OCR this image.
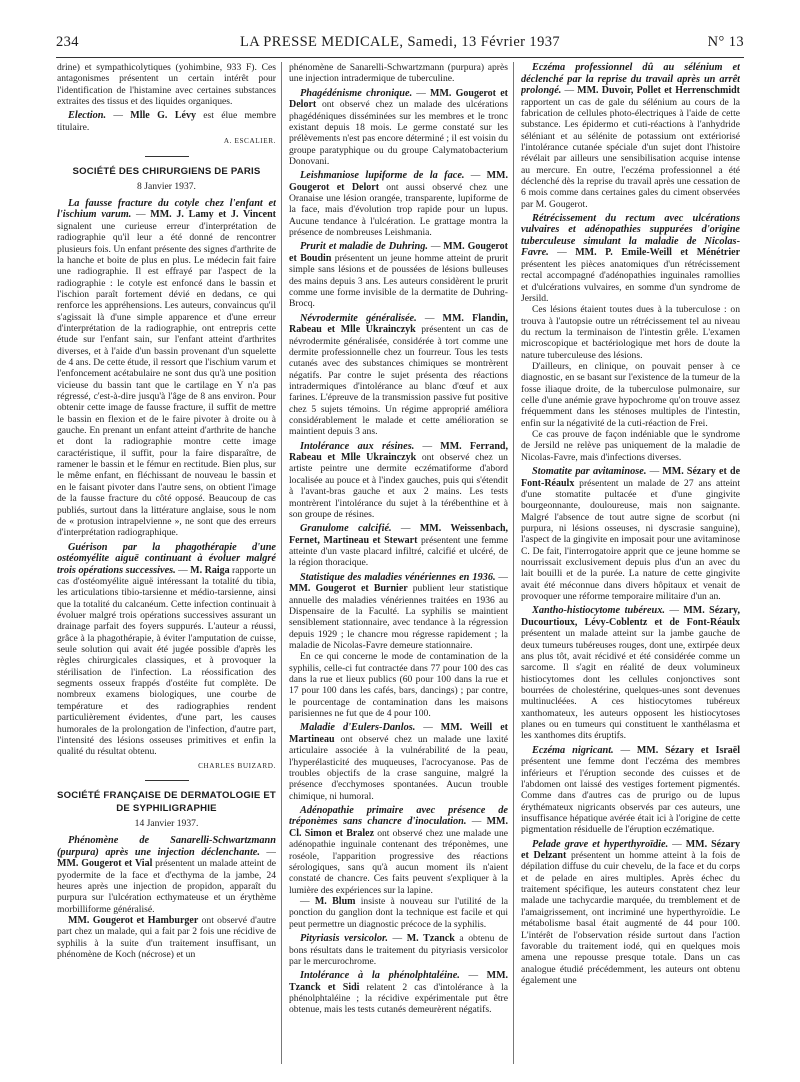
234	LA PRESSE MEDICALE, Samedi, 13 Février 1937	N° 13

drine) et sympathicolytiques (yohimbine, 933 F). Ces antagonismes présentent un certain intérêt pour l'identification de l'histamine avec certaines substances extraites des tissus et des liquides organiques.

Election. — Mlle G. Lévy est élue membre titulaire.

A. ESCALIER.

SOCIÉTÉ DES CHIRURGIENS DE PARIS

8 Janvier 1937.

La fausse fracture du cotyle chez l'enfant et l'ischium varum. — MM. J. Lamy et J. Vincent signalent une curieuse erreur d'interprétation de radiographie qu'il leur a été donné de rencontrer plusieurs fois. Un enfant présente des signes d'arthrite de la hanche et boite de plus en plus. Le médecin fait faire une radiographie. Il est effrayé par l'aspect de la radiographie : le cotyle est enfoncé dans le bassin et l'ischion paraît fortement dévié en dedans, ce qui renforce les appréhensions. Les auteurs, convaincus qu'il s'agissait là d'une simple apparence et d'une erreur d'interprétation de la radiographie, ont entrepris cette étude sur l'enfant sain, sur l'enfant atteint d'arthrites diverses, et à l'aide d'un bassin provenant d'un squelette de 4 ans. De cette étude, il ressort que l'ischium varum et l'enfoncement acétabulaire ne sont dus qu'à une position vicieuse du bassin tant que le cartilage en Y n'a pas régressé, c'est-à-dire jusqu'à l'âge de 8 ans environ. Pour obtenir cette image de fausse fracture, il suffit de mettre le bassin en flexion et de le faire pivoter à droite ou à gauche. En prenant un enfant atteint d'arthrite de hanche et dont la radiographie montre cette image caractéristique, il suffit, pour la faire disparaître, de ramener le bassin et le fémur en rectitude. Bien plus, sur le même enfant, en fléchissant de nouveau le bassin et en le faisant pivoter dans l'autre sens, on obtient l'image de la fausse fracture du côté opposé. Beaucoup de cas publiés, surtout dans la littérature anglaise, sous le nom de « protusion intrapelvienne », ne sont que des erreurs d'interprétation radiographique.

Guérison par la phagothérapie d'une ostéomyélite aiguë continuant à évoluer malgré trois opérations successives. — M. Raiga rapporte un cas d'ostéomyélite aiguë intéressant la totalité du tibia, les articulations tibio-tarsienne et médio-tarsienne, ainsi que la totalité du calcanéum. Cette infection continuait à évoluer malgré trois opérations successives assurant un drainage parfait des foyers suppurés. L'auteur a réussi, grâce à la phagothérapie, à éviter l'amputation de cuisse, seule solution qui avait été jugée possible d'après les règles chirurgicales classiques, et à provoquer la stérilisation de l'infection. La réossification des segments osseux frappés d'ostéite fut complète. De nombreux examens biologiques, une courbe de température et des radiographies rendent particulièrement évidentes, d'une part, les causes humorales de la prolongation de l'infection, d'autre part, l'intensité des lésions osseuses primitives et enfin la qualité du résultat obtenu.

CHARLES BUIZARD.

SOCIÉTÉ FRANÇAISE DE DERMATOLOGIE ET DE SYPHILIGRAPHIE

14 Janvier 1937.

Phénomène de Sanarelli-Schwartzmann (purpura) après une injection déclenchante. — MM. Gougerot et Vial présentent un malade atteint de pyodermite de la face et d'ecthyma de la jambe, 24 heures après une injection de propidon, apparaît du purpura sur l'ulcération ecthymateuse et un érythème morbilliforme généralisé.

MM. Gougerot et Hamburger ont observé d'autre part chez un malade, qui a fait par 2 fois une récidive de syphilis à la suite d'un traitement insuffisant, un phénomène de Koch (nécrose) et un

phénomène de Sanarelli-Schwartzmann (purpura) après une injection intradermique de tuberculine.

Phagédénisme chronique. — MM. Gougerot et Delort ont observé chez un malade des ulcérations phagédéniques disséminées sur les membres et le tronc existant depuis 18 mois. Le germe constaté sur les prélèvements n'est pas encore déterminé ; il est voisin du groupe paratyphique ou du groupe Calymatobacterium Donovani.

Leishmaniose lupiforme de la face. — MM. Gougerot et Delort ont aussi observé chez une Oranaise une lésion orangée, transparente, lupiforme de la face, mais d'évolution trop rapide pour un lupus. Aucune tendance à l'ulcération. Le grattage montra la présence de nombreuses Leishmania.

Prurit et maladie de Duhring. — MM. Gougerot et Boudin présentent un jeune homme atteint de prurit simple sans lésions et de poussées de lésions bulleuses des mains depuis 3 ans. Les auteurs considèrent le prurit comme une forme invisible de la dermatite de Duhring-Brocq.

Névrodermite généralisée. — MM. Flandin, Rabeau et Mlle Ukrainczyk présentent un cas de névrodermite généralisée, considérée à tort comme une dermite professionnelle chez un fourreur. Tous les tests cutanés avec des substances chimiques se montrèrent négatifs. Par contre le sujet présenta des réactions intradermiques d'intolérance au blanc d'œuf et aux farines. L'épreuve de la transmission passive fut positive chez 5 sujets témoins. Un régime approprié améliora considérablement le malade et cette amélioration se maintient depuis 3 ans.

Intolérance aux résines. — MM. Ferrand, Rabeau et Mlle Ukrainczyk ont observé chez un artiste peintre une dermite eczématiforme d'abord localisée au pouce et à l'index gauches, puis qui s'étendit à l'avant-bras gauche et aux 2 mains. Les tests montrèrent l'intolérance du sujet à la térébenthine et à son groupe de résines.

Granulome calcifié. — MM. Weissenbach, Fernet, Martineau et Stewart présentent une femme atteinte d'un vaste placard infiltré, calcifié et ulcéré, de la région thoracique.

Statistique des maladies vénériennes en 1936. — MM. Gougerot et Burnier publient leur statistique annuelle des maladies vénériennes traitées en 1936 au Dispensaire de la Faculté. La syphilis se maintient sensiblement stationnaire, avec tendance à la régression depuis 1929 ; le chancre mou régresse rapidement ; la maladie de Nicolas-Favre demeure stationnaire.

En ce qui concerne le mode de contamination de la syphilis, celle-ci fut contractée dans 77 pour 100 des cas dans la rue et lieux publics (60 pour 100 dans la rue et 17 pour 100 dans les cafés, bars, dancings) ; par contre, le pourcentage de contamination dans les maisons parisiennes ne fut que de 4 pour 100.

Maladie d'Eulers-Danlos. — MM. Weill et Martineau ont observé chez un malade une laxité articulaire associée à la vulnérabilité de la peau, l'hyperélasticité des muqueuses, l'acrocyanose. Pas de troubles objectifs de la crase sanguine, malgré la présence d'ecchymoses spontanées. Aucun trouble chimique, ni humoral.

Adénopathie primaire avec présence de tréponèmes sans chancre d'inoculation. — MM. Cl. Simon et Bralez ont observé chez une malade une adénopathie inguinale contenant des tréponèmes, une roséole, l'apparition progressive des réactions sérologiques, sans qu'à aucun moment ils n'aient constaté de chancre. Ces faits peuvent s'expliquer à la lumière des expériences sur la lapine.

— M. Blum insiste à nouveau sur l'utilité de la ponction du ganglion dont la technique est facile et qui peut permettre un diagnostic précoce de la syphilis.

Pityriasis versicolor. — M. Tzanck a obtenu de bons résultats dans le traitement du pityriasis versicolor par le mercurochrome.

Intolérance à la phénolphtaléine. — MM. Tzanck et Sidi relatent 2 cas d'intolérance à la phénolphtaléine ; la récidive expérimentale put être obtenue, mais les tests cutanés demeurèrent négatifs.

Eczéma professionnel dû au sélénium et déclenché par la reprise du travail après un arrêt prolongé. — MM. Duvoir, Pollet et Herrenschmidt rapportent un cas de gale du sélénium au cours de la fabrication de cellules photo-électriques à l'aide de cette substance. Les épidermo et cuti-réactions à l'anhydride séléniant et au sélénite de potassium ont extériorisé l'intolérance cutanée spéciale d'un sujet dont l'histoire révélait par ailleurs une sensibilisation acquise intense au mercure. En outre, l'eczéma professionnel a été déclenché dès la reprise du travail après une cessation de 6 mois comme dans certaines gales du ciment observées par M. Gougerot.

Rétrécissement du rectum avec ulcérations vulvaires et adénopathies suppurées d'origine tuberculeuse simulant la maladie de Nicolas-Favre. — MM. P. Emile-Weill et Ménétrier présentent les pièces anatomiques d'un rétrécissement rectal accompagné d'adénopathies inguinales ramollies et d'ulcérations vulvaires, en somme d'un syndrome de Jersild.

Ces lésions étaient toutes dues à la tuberculose : on trouva à l'autopsie outre un rétrécissement tel au niveau du rectum la terminaison de l'intestin grêle. L'examen microscopique et bactériologique met hors de doute la nature tuberculeuse des lésions.

D'ailleurs, en clinique, on pouvait penser à ce diagnostic, en se basant sur l'existence de la tumeur de la fosse iliaque droite, de la tuberculose pulmonaire, sur celle d'une anémie grave hypochrome qu'on trouve assez fréquemment dans les sténoses multiples de l'intestin, enfin sur la négativité de la cuti-réaction de Frei.

Ce cas prouve de façon indéniable que le syndrome de Jersild ne relève pas uniquement de la maladie de Nicolas-Favre, mais d'infections diverses.

Stomatite par avitaminose. — MM. Sézary et de Font-Réaulx présentent un malade de 27 ans atteint d'une stomatite pultacée et d'une gingivite bourgeonnante, douloureuse, mais non saignante. Malgré l'absence de tout autre signe de scorbut (ni purpura, ni lésions osseuses, ni dyscrasie sanguine), l'aspect de la gingivite en imposait pour une avitaminose C. De fait, l'interrogatoire apprit que ce jeune homme se nourrissait exclusivement depuis plus d'un an avec du lait bouilli et de la purée. La nature de cette gingivite avait été méconnue dans divers hôpitaux et venait de provoquer une réforme temporaire militaire d'un an.

Xantho-histiocytome tubéreux. — MM. Sézary, Ducourtioux, Lévy-Coblentz et de Font-Réaulx présentent un malade atteint sur la jambe gauche de deux tumeurs tubéreuses rouges, dont une, extirpée deux ans plus tôt, avait récidivé et été considérée comme un sarcome. Il s'agit en réalité de deux volumineux histiocytomes dont les cellules conjonctives sont bourrées de cholestérine, quelques-unes sont devenues multinucléées. A ces histiocytomes tubéreux xanthomateux, les auteurs opposent les histiocytoses planes ou en tumeurs qui constituent le xanthélasma et les xanthomes dits éruptifs.

Eczéma nigricant. — MM. Sézary et Israël présentent une femme dont l'eczéma des membres inférieurs et l'éruption seconde des cuisses et de l'abdomen ont laissé des vestiges fortement pigmentés. Comme dans d'autres cas de prurigo ou de lupus érythémateux nigricants observés par ces auteurs, une insuffisance hépatique avérée était ici à l'origine de cette pigmentation résiduelle de l'éruption eczématique.

Pelade grave et hyperthyroïdie. — MM. Sézary et Delzant présentent un homme atteint à la fois de dépilation diffuse du cuir chevelu, de la face et du corps et de pelade en aires multiples. Après échec du traitement spécifique, les auteurs constatent chez leur malade une tachycardie marquée, du tremblement et de l'amaigrissement, ont incriminé une hyperthyroïdie. Le métabolisme basal était augmenté de 44 pour 100. L'intérêt de l'observation réside surtout dans l'action favorable du traitement iodé, qui en quelques mois amena une repousse presque totale. Dans un cas analogue étudié précédemment, les auteurs ont obtenu également une
